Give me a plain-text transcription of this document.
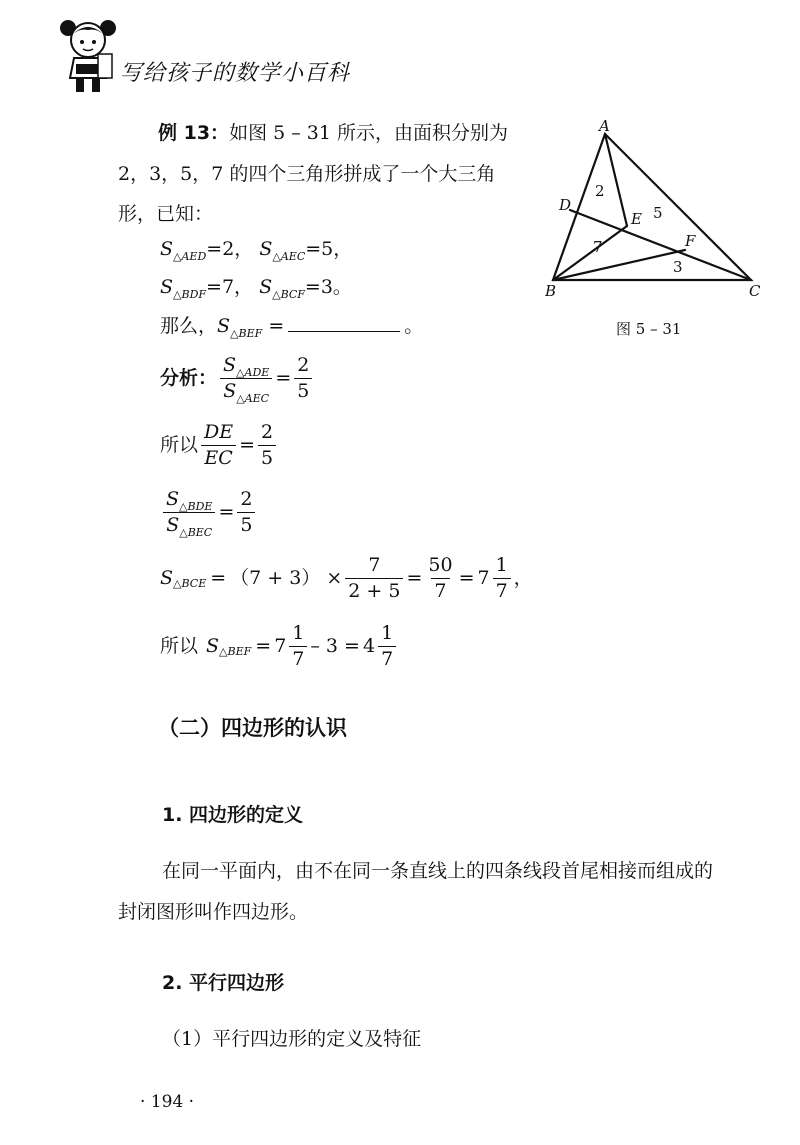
写给孩子的数学小百科
例 13：如图 5 – 31 所示，由面积分别为
2，3，5，7 的四个三角形拼成了一个大三角
形，已知：
$S_{\triangle AED}=2$， $S_{\triangle AEC}=5$，
$S_{\triangle BDF}=7$， $S_{\triangle BCF}=3$。
那么，$S_{\triangle BEF}$ =	。
A
B	C
D
E
F
2
5
7
3
图 5 – 31
分析： $\frac{S_{\triangle ADE}}{S_{\triangle AEC}} = \frac{2}{5}$
所以 $\frac{DE}{EC} = \frac{2}{5}$
$\frac{S_{\triangle BDE}}{S_{\triangle BEC}} = \frac{2}{5}$
S △BCE = $(7 + 3) \times \frac{7}{2 + 5} = \frac{50}{7} = 7 \frac{1}{7}$ ，
所以 S △BEF = $7 \frac{1}{7} - 3 = 4 \frac{1}{7}$
（二）四边形的认识
1. 四边形的定义
在同一平面内，由不在同一条直线上的四条线段首尾相接而组成的
封闭图形叫作四边形。
2. 平行四边形
（1）平行四边形的定义及特征
· 194 ·
